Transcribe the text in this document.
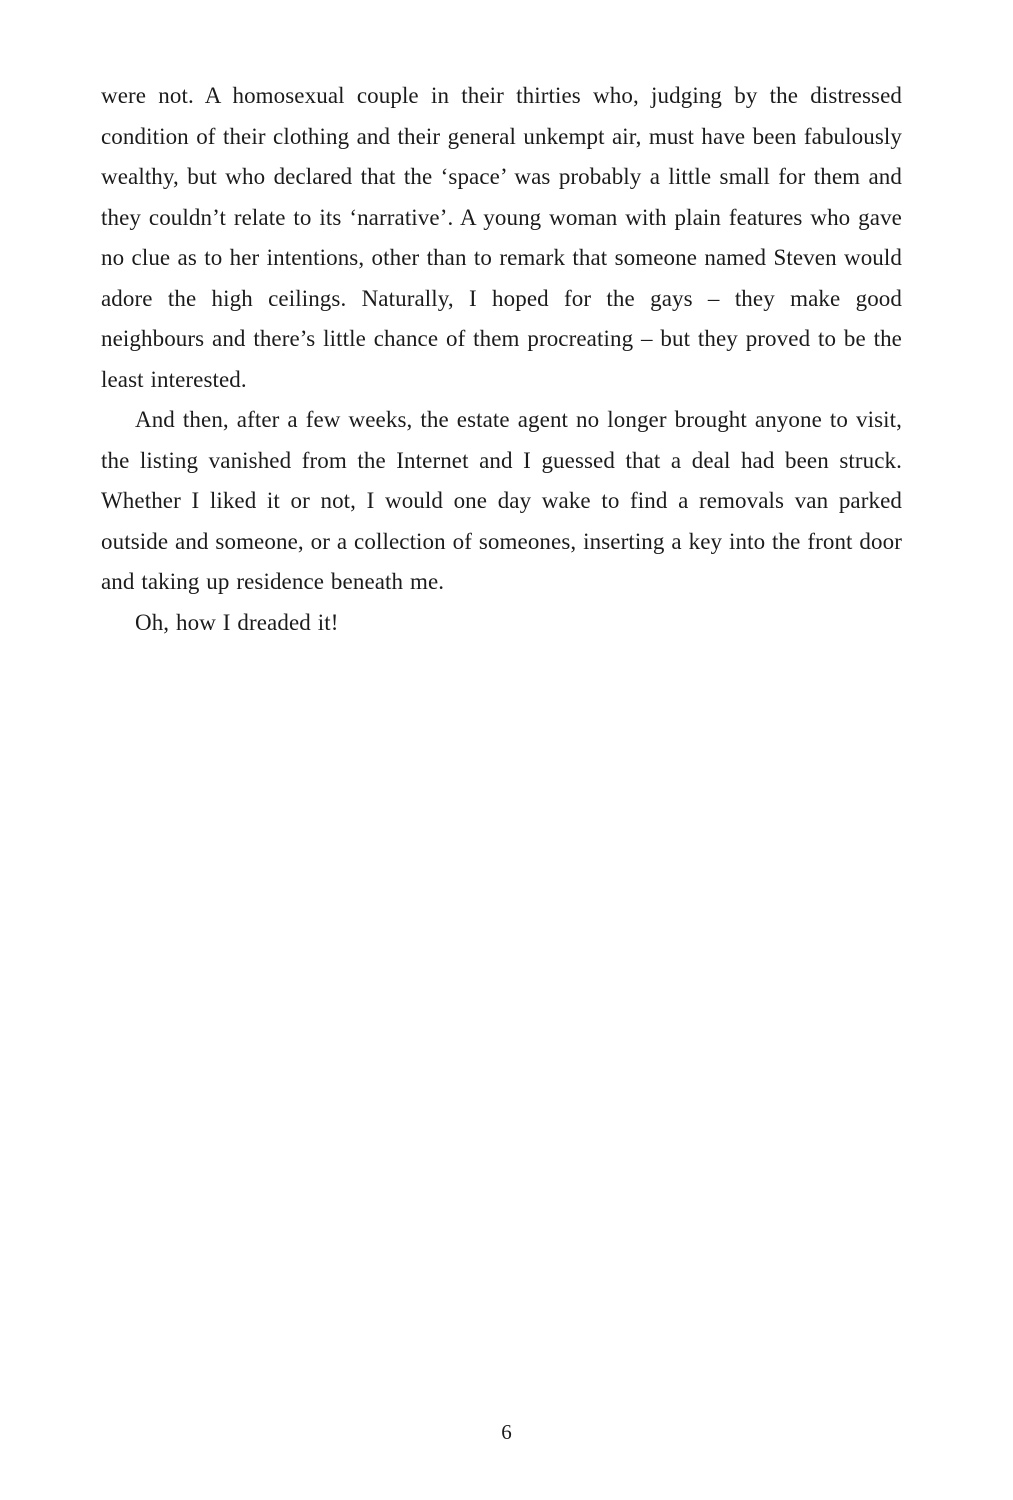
were not. A homosexual couple in their thirties who, judging by the distressed condition of their clothing and their general unkempt air, must have been fabulously wealthy, but who declared that the ‘space’ was probably a little small for them and they couldn’t relate to its ‘narrative’. A young woman with plain features who gave no clue as to her intentions, other than to remark that someone named Steven would adore the high ceilings. Naturally, I hoped for the gays – they make good neighbours and there’s little chance of them procreating – but they proved to be the least interested.

And then, after a few weeks, the estate agent no longer brought anyone to visit, the listing vanished from the Internet and I guessed that a deal had been struck. Whether I liked it or not, I would one day wake to find a removals van parked outside and someone, or a collection of someones, inserting a key into the front door and taking up residence beneath me.

Oh, how I dreaded it!

6
